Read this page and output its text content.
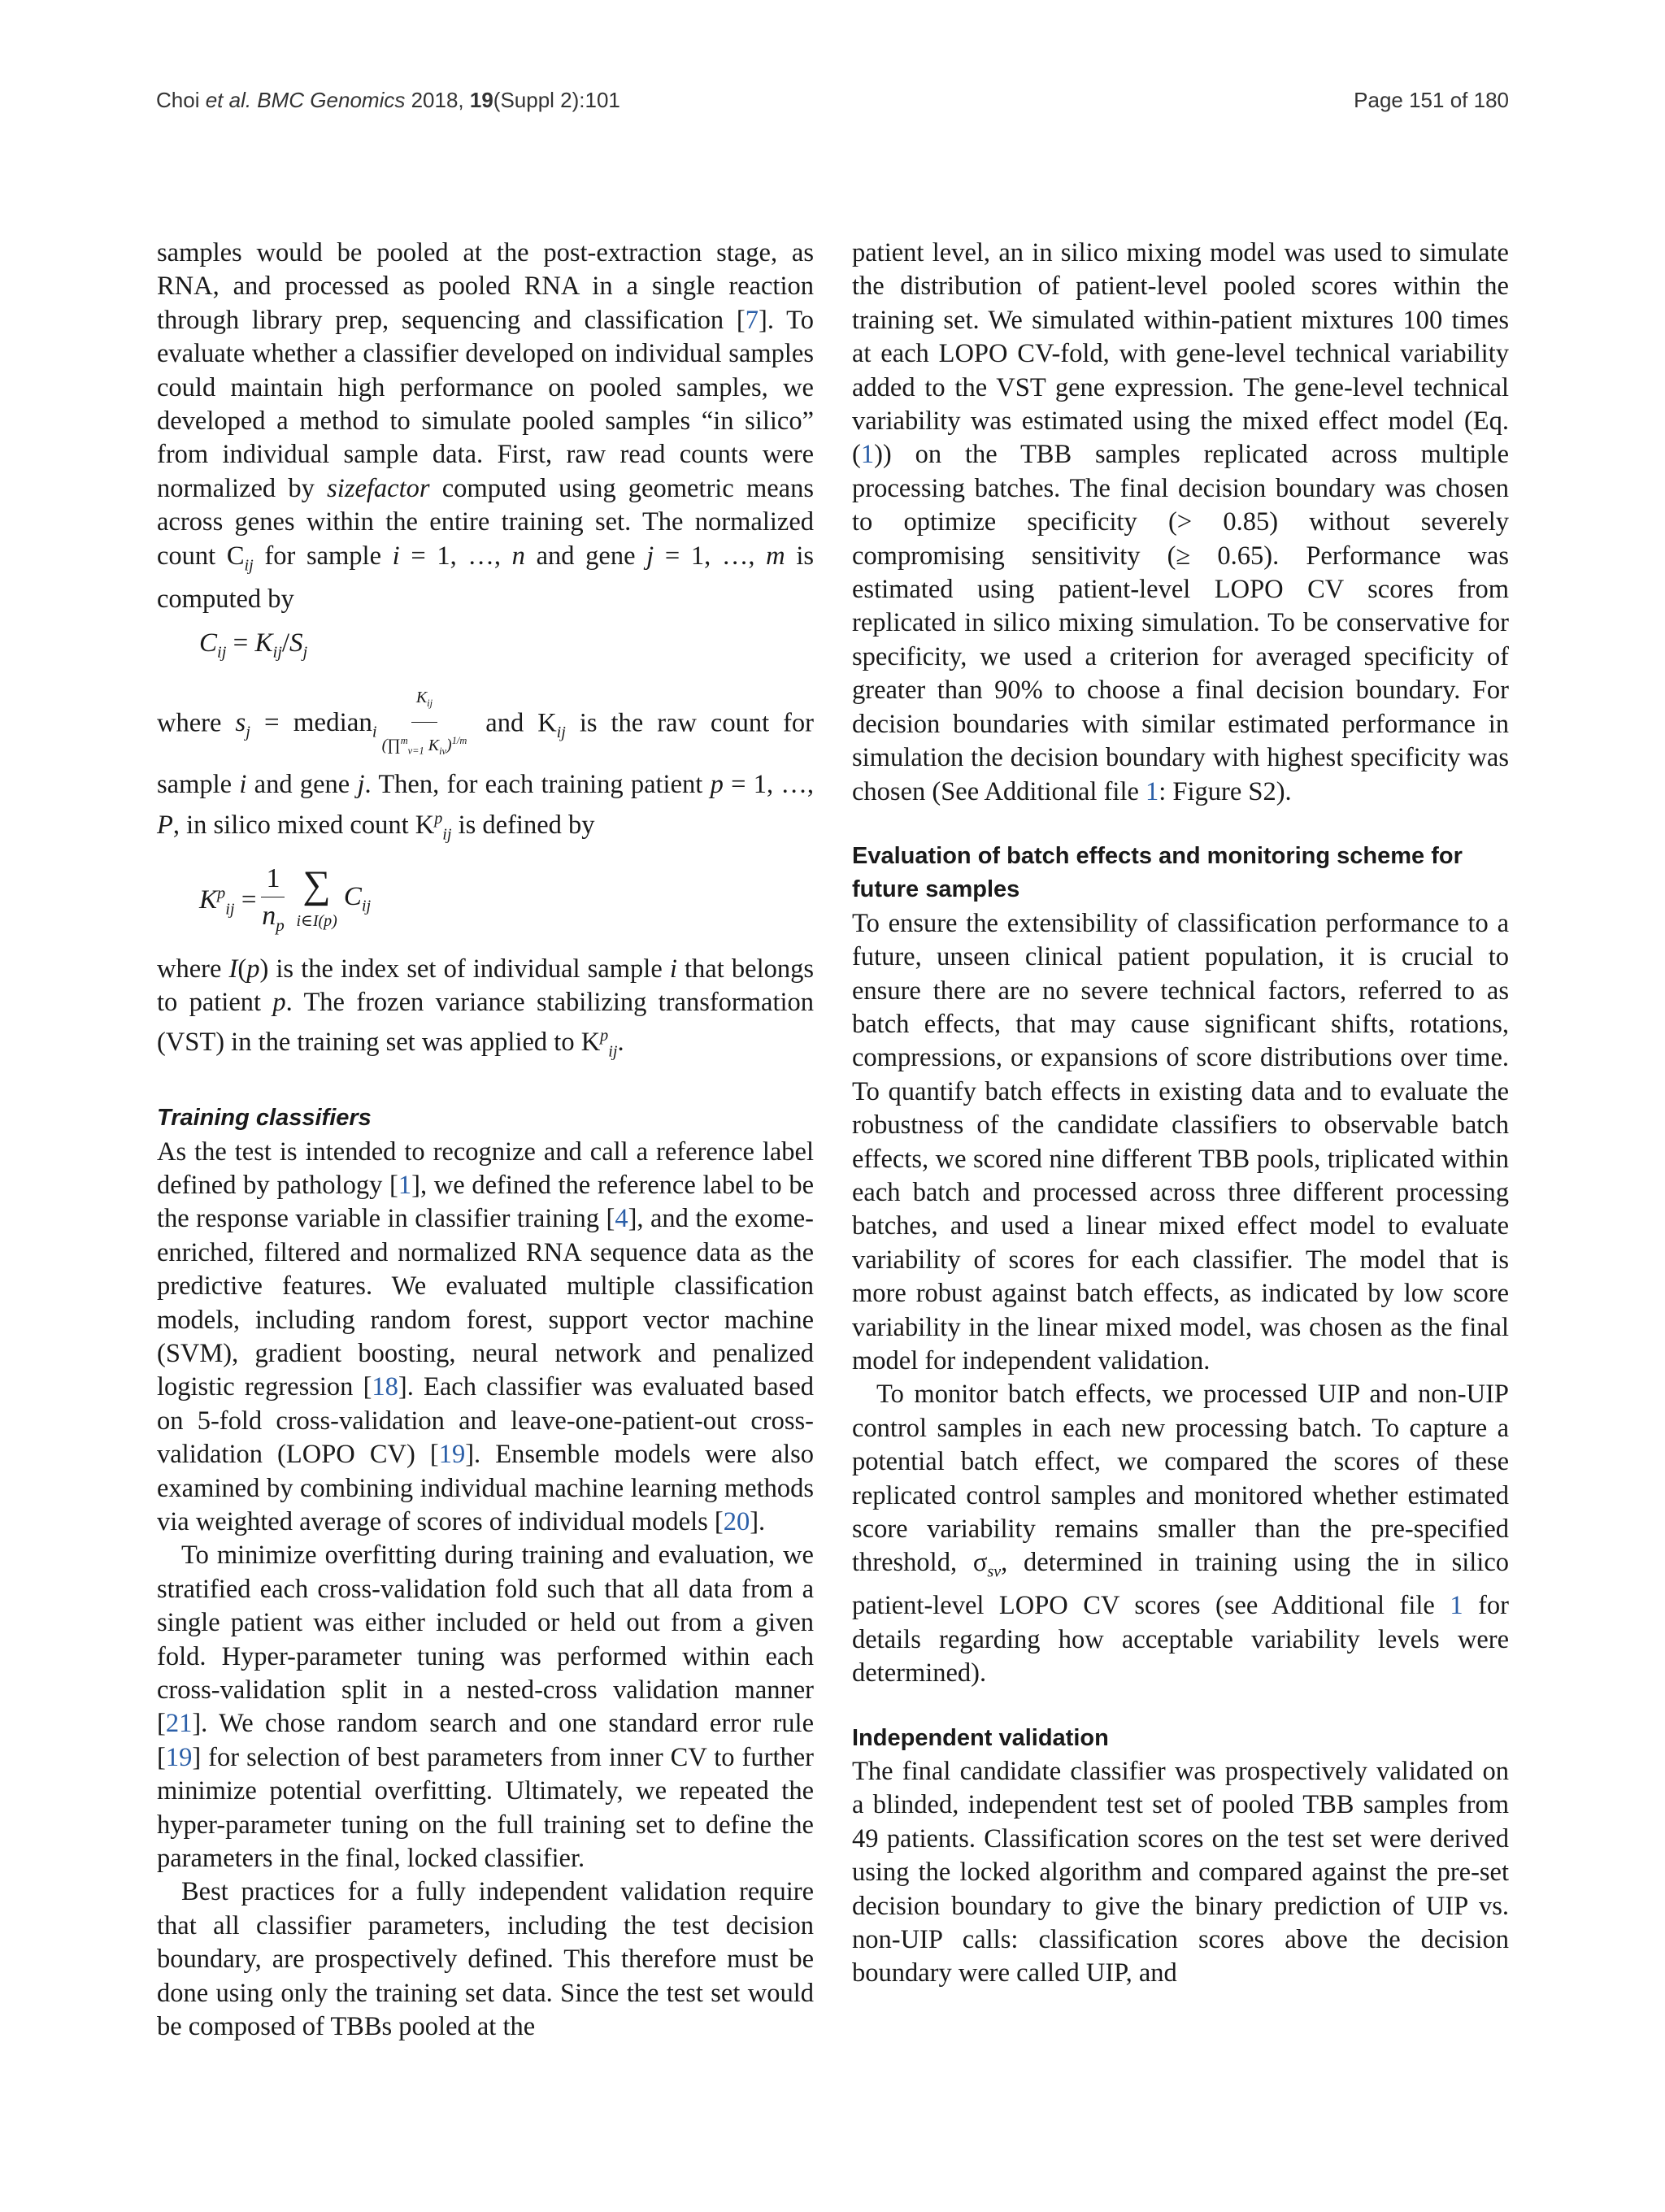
Choi et al. BMC Genomics 2018, 19(Suppl 2):101	Page 151 of 180

samples would be pooled at the post-extraction stage, as RNA, and processed as pooled RNA in a single reaction through library prep, sequencing and classification [7]. To evaluate whether a classifier developed on individual samples could maintain high performance on pooled samples, we developed a method to simulate pooled samples “in silico” from individual sample data. First, raw read counts were normalized by sizefactor computed using geometric means across genes within the entire training set. The normalized count $C_{ij}$ for sample i = 1, …, n and gene j = 1, …, m is computed by

$C_{ij} = K_{ij}/S_j$

where $s_j$ = median$_i$ $\frac{K_{ij}}{(\prod^m_{v=1} K_{iv})^{1/m}}$ and $K_{ij}$ is the raw count for sample i and gene j. Then, for each training patient p = 1, …, P, in silico mixed count $K^p_{ij}$ is defined by

$K^p_{ij} = \frac{1}{n_p}$ ∑
i∈I(p)
$C_{ij}$

where I(p) is the index set of individual sample i that belongs to patient p. The frozen variance stabilizing transformation (VST) in the training set was applied to $K^p_{ij}$.

Training classifiers

As the test is intended to recognize and call a reference label defined by pathology [1], we defined the reference label to be the response variable in classifier training [4], and the exome-enriched, filtered and normalized RNA sequence data as the predictive features. We evaluated multiple classification models, including random forest, support vector machine (SVM), gradient boosting, neural network and penalized logistic regression [18]. Each classifier was evaluated based on 5-fold cross-validation and leave-one-patient-out cross-validation (LOPO CV) [19]. Ensemble models were also examined by combining individual machine learning methods via weighted average of scores of individual models [20].

To minimize overfitting during training and evaluation, we stratified each cross-validation fold such that all data from a single patient was either included or held out from a given fold. Hyper-parameter tuning was performed within each cross-validation split in a nested-cross validation manner [21]. We chose random search and one standard error rule [19] for selection of best parameters from inner CV to further minimize potential overfitting. Ultimately, we repeated the hyper-parameter tuning on the full training set to define the parameters in the final, locked classifier.

Best practices for a fully independent validation require that all classifier parameters, including the test decision boundary, are prospectively defined. This therefore must be done using only the training set data. Since the test set would be composed of TBBs pooled at the

patient level, an in silico mixing model was used to simulate the distribution of patient-level pooled scores within the training set. We simulated within-patient mixtures 100 times at each LOPO CV-fold, with gene-level technical variability added to the VST gene expression. The gene-level technical variability was estimated using the mixed effect model (Eq. (1)) on the TBB samples replicated across multiple processing batches. The final decision boundary was chosen to optimize specificity (> 0.85) without severely compromising sensitivity (≥ 0.65). Performance was estimated using patient-level LOPO CV scores from replicated in silico mixing simulation. To be conservative for specificity, we used a criterion for averaged specificity of greater than 90% to choose a final decision boundary. For decision boundaries with similar estimated performance in simulation the decision boundary with highest specificity was chosen (See Additional file 1: Figure S2).

Evaluation of batch effects and monitoring scheme for future samples

To ensure the extensibility of classification performance to a future, unseen clinical patient population, it is crucial to ensure there are no severe technical factors, referred to as batch effects, that may cause significant shifts, rotations, compressions, or expansions of score distributions over time. To quantify batch effects in existing data and to evaluate the robustness of the candidate classifiers to observable batch effects, we scored nine different TBB pools, triplicated within each batch and processed across three different processing batches, and used a linear mixed effect model to evaluate variability of scores for each classifier. The model that is more robust against batch effects, as indicated by low score variability in the linear mixed model, was chosen as the final model for independent validation.

To monitor batch effects, we processed UIP and non-UIP control samples in each new processing batch. To capture a potential batch effect, we compared the scores of these replicated control samples and monitored whether estimated score variability remains smaller than the pre-specified threshold, $\sigma_{sv}$, determined in training using the in silico patient-level LOPO CV scores (see Additional file 1 for details regarding how acceptable variability levels were determined).

Independent validation

The final candidate classifier was prospectively validated on a blinded, independent test set of pooled TBB samples from 49 patients. Classification scores on the test set were derived using the locked algorithm and compared against the pre-set decision boundary to give the binary prediction of UIP vs. non-UIP calls: classification scores above the decision boundary were called UIP, and
